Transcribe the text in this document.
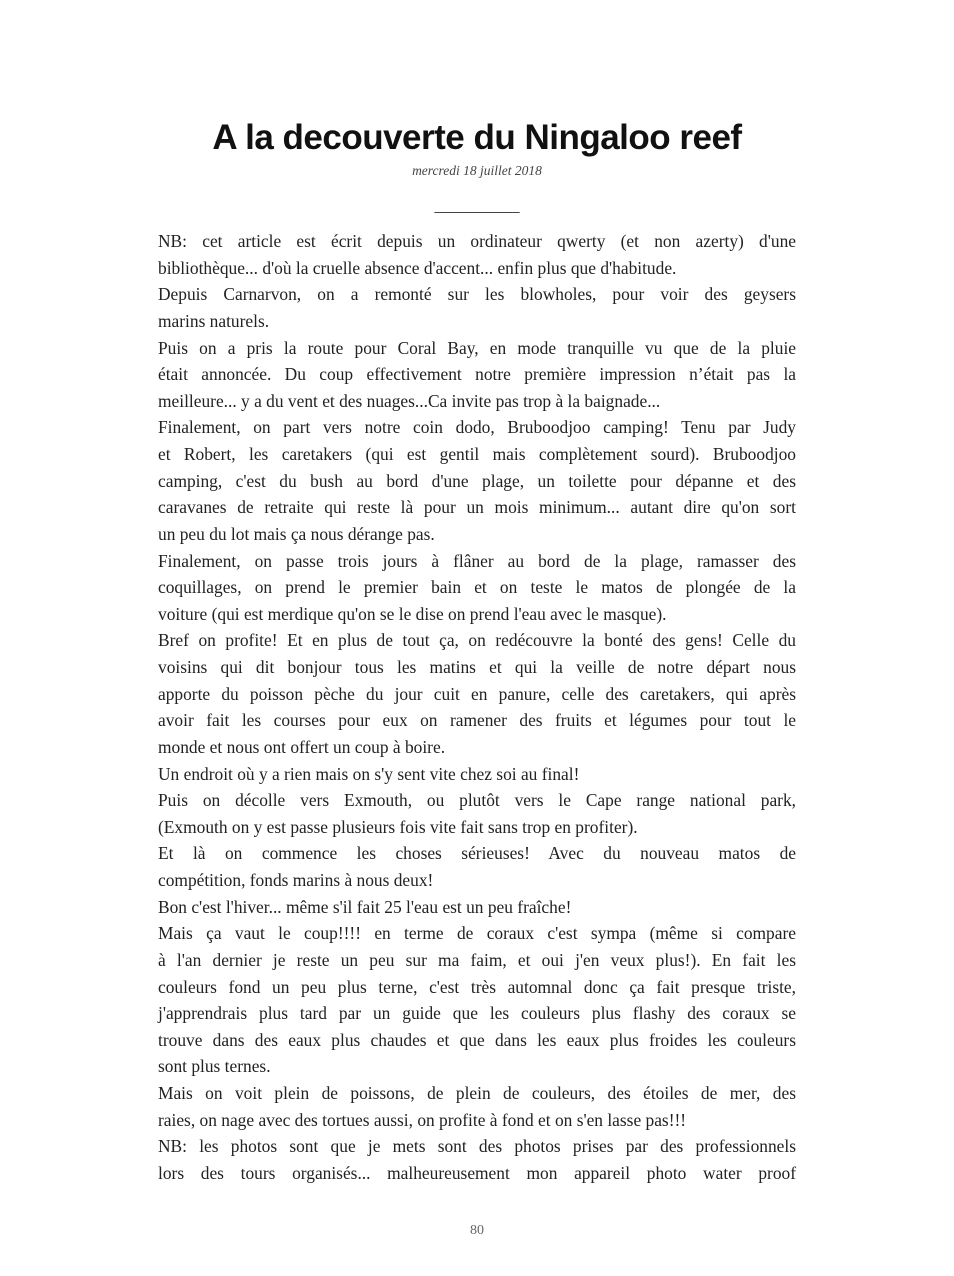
A la decouverte du Ningaloo reef
mercredi 18 juillet 2018
__________
NB: cet article est écrit depuis un ordinateur qwerty (et non azerty) d'une
bibliothèque... d'où la cruelle absence d'accent... enfin plus que d'habitude.
Depuis Carnarvon, on a remonté sur les blowholes, pour voir des geysers
marins naturels.
Puis on a pris la route pour Coral Bay, en mode tranquille vu que de la pluie
était annoncée. Du coup effectivement notre première impression n’était pas la
meilleure... y a du vent et des nuages...Ca invite pas trop à la baignade...
Finalement, on part vers notre coin dodo, Bruboodjoo camping! Tenu par Judy
et Robert, les caretakers (qui est gentil mais complètement sourd). Bruboodjoo
camping, c'est du bush au bord d'une plage, un toilette pour dépanne et des
caravanes de retraite qui reste là pour un mois minimum... autant dire qu'on sort
un peu du lot mais ça nous dérange pas.
Finalement, on passe trois jours à flâner au bord de la plage, ramasser des
coquillages, on prend le premier bain et on teste le matos de plongée de la
voiture (qui est merdique qu'on se le dise on prend l'eau avec le masque).
Bref on profite! Et en plus de tout ça, on redécouvre la bonté des gens! Celle du
voisins qui dit bonjour tous les matins et qui la veille de notre départ nous
apporte du poisson pèche du jour cuit en panure, celle des caretakers, qui après
avoir fait les courses pour eux on ramener des fruits et légumes pour tout le
monde et nous ont offert un coup à boire.
Un endroit où y a rien mais on s'y sent vite chez soi au final!
Puis on décolle vers Exmouth, ou plutôt vers le Cape range national park,
(Exmouth on y est passe plusieurs fois vite fait sans trop en profiter).
Et là on commence les choses sérieuses! Avec du nouveau matos de
compétition, fonds marins à nous deux!
Bon c'est l'hiver... même s'il fait 25 l'eau est un peu fraîche!
Mais ça vaut le coup!!!! en terme de coraux c'est sympa (même si compare
à l'an dernier je reste un peu sur ma faim, et oui j'en veux plus!). En fait les
couleurs fond un peu plus terne, c'est très automnal donc ça fait presque triste,
j'apprendrais plus tard par un guide que les couleurs plus flashy des coraux se
trouve dans des eaux plus chaudes et que dans les eaux plus froides les couleurs
sont plus ternes.
Mais on voit plein de poissons, de plein de couleurs, des étoiles de mer, des
raies, on nage avec des tortues aussi, on profite à fond et on s'en lasse pas!!!
NB: les photos sont que je mets sont des photos prises par des professionnels
lors des tours organisés... malheureusement mon appareil photo water proof
80
